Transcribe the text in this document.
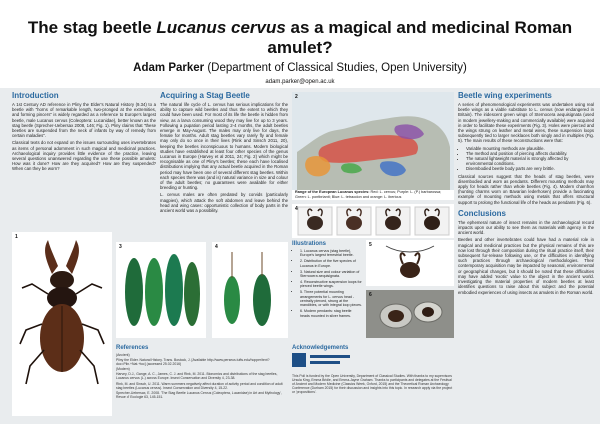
The stag beetle Lucanus cervus as a magical and medicinal Roman amulet?
Adam Parker (Department of Classical Studies, Open University)
adam.parker@open.ac.uk
Introduction

A 1st Century AD reference in Pliny the Elder's Natural History (9.34) to a beetle with "horns of remarkable length, two-pronged at the extremities, and forming pincers" is widely regarded as a reference to Europe's largest beetle, male Lucanus cervus (Coleoptera: Lucanidae), better known as the stag beetle (Sprecher-Uebersax 2008, 146; Fig. 1). Pliny claims that "these beetles are suspended from the neck of infants by way of remedy from certain maladies".

Classical texts do not expand on the issues surrounding uses invertebrates as items of personal adornment in such magical and medicinal practices. Archaeological inquiry provides little evidence of the practice, leaving several questions unanswered regarding the use these possible amulets: How was it done? How are they acquired? How are they suspended? When can they be worn?

Acquiring a Stag Beetle

The natural life cycle of L. cervus has serious implications for the ability to capture wild beetles and thus the extent to which they could have been used. For most of its life the beetle is hidden from view, as a larva consuming wood they may live for up to 3 years. Following a pupation period lasting 2-4 months, the adult beetles emerge in May-August. The males may only live for days, the female for months. Adult stag beetles vary rarely fly and female may only do so once in their lives (Rink and Sinsch 2011, 20), keeping the beetles inconspicuous to humans. Modern biological studies have established at least four other species of the genus Lucanus in Europe (Harvey et al 2011, 24; Fig. 2) which might be recognisable as one of Pliny's beetles; these each have localised distributions implying that any actual beetle acquired in the Roman period may have been one of several different stag beetles. Within each species there was (and is) natural variance in size and colour of the adult beetles; no guarantees were available for either breeding or hunting.

L. cervus males are often predated by corvids (particularly magpies), which attack the soft abdomen and leave behind the head and wing cases: opportunistic collection of body parts in the ancient world was a possibility.

2
Range of the European Lucanus species: Red: L. cervus; Purple: L. (P.) barbarossa; Green: L. pontbrianti; Blue: L. tetraodon and orange: L. ibericus
Beetle wing experiments

A series of phenomenological experiments was undertaken using real beetle wings as a viable substitute to L. cervus (now endangered in Britain). The iridescent green wings of Sternocera aequisignata (used in modern jewellery-making and commercially available) were acquired in order to facilitate these experiments (Fig. 3). Holes were pierced and the wings strung on leather and metal wires, these suspension loops subsequently tied to larger necklaces both singly and in multiples (Fig. 5). The main results of these reconstructions were that:

• Variable mounting methods are plausible.
• The method and position of piercing affects durability.
• The natural lightweight material is strongly affected by environmental conditions.
• Disembodied beetle body parts are very brittle.

Classical sources suggest that the heads of stag beetles, were disembodied and worn as pendants. Different mounting methods may apply for heads rather than whole beetles (Fig. 4). Modern chamfron (hunting charms worn on Bavarian lederhosen) provide a fascinating example of mounting methods using metals that offers structural support to prolong the functional life of the heads as pendants (Fig. 6).

Conclusions

The ephemeral nature of insect remains in the archaeological record impacts upon our ability to see them as materials with agency in the ancient world.

Beetles and other invertebrates could have had a material role in magical and medicinal practices but the physical remains of this are now lost through their composition during the ritual practice itself, their subsequent fur-release following use, or the difficulties in identifying such practices through archaeological methodologies. Their contemporary acquisition may be impacted by seasonal, environmental or geographical changes, but it should be noted that these difficulties may have added 'exotic' value to the object in the ancient world. Investigating the material properties of modern beetles at least identifies questions to raise about this subject and the potential embodied experiences of using insects as amulets in the Roman world.

4
1
3	4	Illustrations
• 1. Lucanus cervus (stag beetle), Europe's largest terrestrial beetle.
• 2. Distribution of the five species of Lucanus in Europe.
• 3. Natural size and colour variation of Sternocera aequisignata.
• 4. Reconstructive suspension loops for pierced beetle wings.
• 5. Three potential mounting arrangements for L. cervus head - centrally pierced, strung at the mandibles, or with integral loop pieces.
• 6. Modern pendants: stag beetle heads mounted in silver frames.
5
6
References

(Ancient)

Pliny the Elder. Natural History. Trans. Bostock, J. [Available http://www.perseus.tufts.edu/hopper/text?doc=Plin.+Nat.+toc] (accessed 25.02.2016)

(Modern)

Harvey, D.J., Gange, A. C., James, C. J. and Rink, M. 2011. Bionomics and distributions of the stag beetles, Lucanus cervus (L.) across Europe. Insect Conservation and Diversity 4, 23-38.

Rink, M. and Sinsch, U. 2011. Warm summers negatively affect duration of activity period and condition of adult stag beetles (Lucanus cervus). Insect Conservation and Diversity 4, 15-22.

Sprecher-Uebersax, E. 2008. 'The Stag Beetle Lucanus Cervus (Coleoptera, Lucanidae) in Art and Mythology', Revue d' Ecologie 63, 145-151.

Acknowledgements

This Poll is funded by the Open University, Department of Classical Studies. With thanks to my supervisors Ursula King, Emma Bridle, and Emma-Jayne Graham. Thanks to participants and delegates at the Festival of Ancient and Modern Medicine (Classics Week, Oxford, 2015) and the Theoretical Roman Archaeology Conference (Durham 2015) for their discussion and insights into this topic. In research apply via the project or 'propositions'.
